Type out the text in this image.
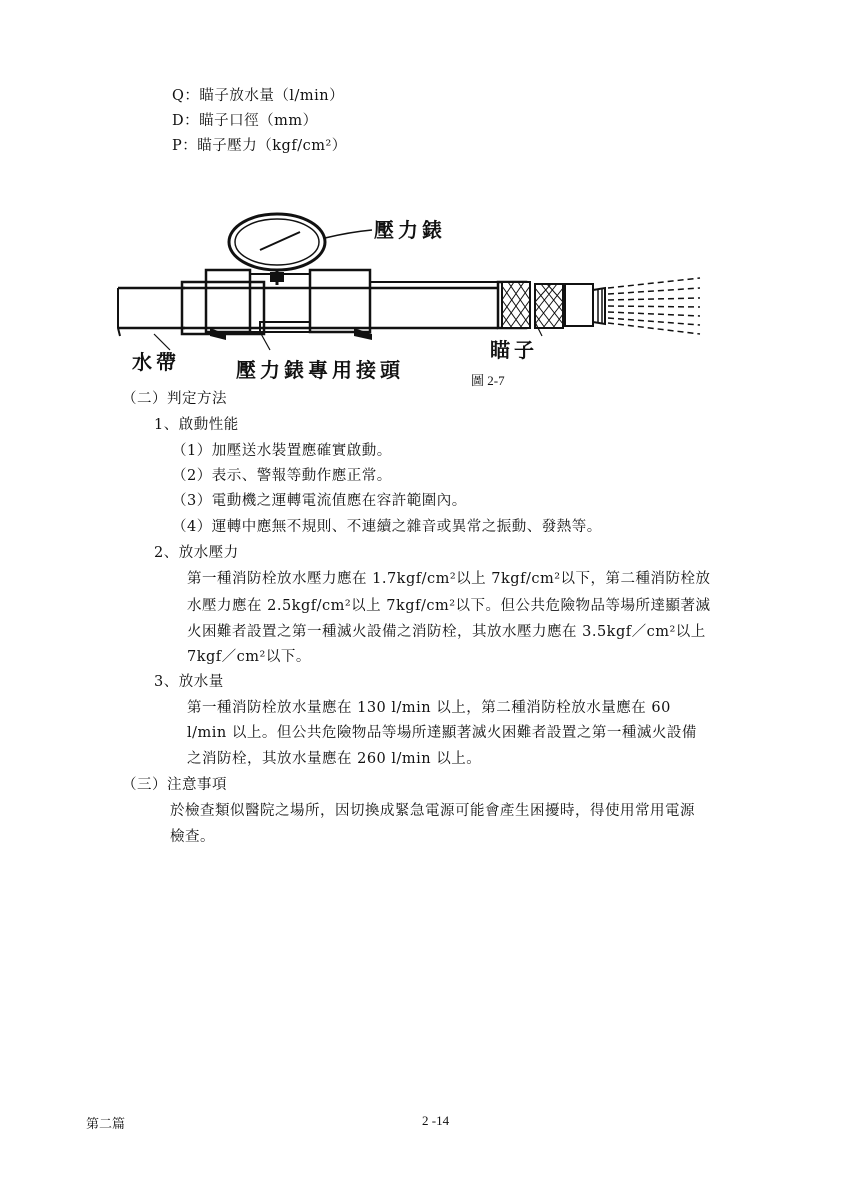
Q：瞄子放水量（l/min）
D：瞄子口徑（mm）
P：瞄子壓力（kgf/cm²）
壓力錶
水帶	壓力錶專用接頭
瞄子
圖 2-7
（二）判定方法
1、啟動性能
（1）加壓送水裝置應確實啟動。
（2）表示、警報等動作應正常。
（3）電動機之運轉電流值應在容許範圍內。
（4）運轉中應無不規則、不連續之雜音或異常之振動、發熱等。
2、放水壓力
第一種消防栓放水壓力應在 1.7kgf/cm²以上 7kgf/cm²以下，第二種消防栓放
水壓力應在 2.5kgf/cm²以上 7kgf/cm²以下。但公共危險物品等場所達顯著滅
火困難者設置之第一種滅火設備之消防栓，其放水壓力應在 3.5kgf／cm²以上
7kgf／cm²以下。
3、放水量
第一種消防栓放水量應在 130 l/min 以上，第二種消防栓放水量應在 60
l/min 以上。但公共危險物品等場所達顯著滅火困難者設置之第一種滅火設備
之消防栓，其放水量應在 260 l/min 以上。
（三）注意事項
於檢查類似醫院之場所，因切換成緊急電源可能會產生困擾時，得使用常用電源
檢查。
第二篇	2 -14
